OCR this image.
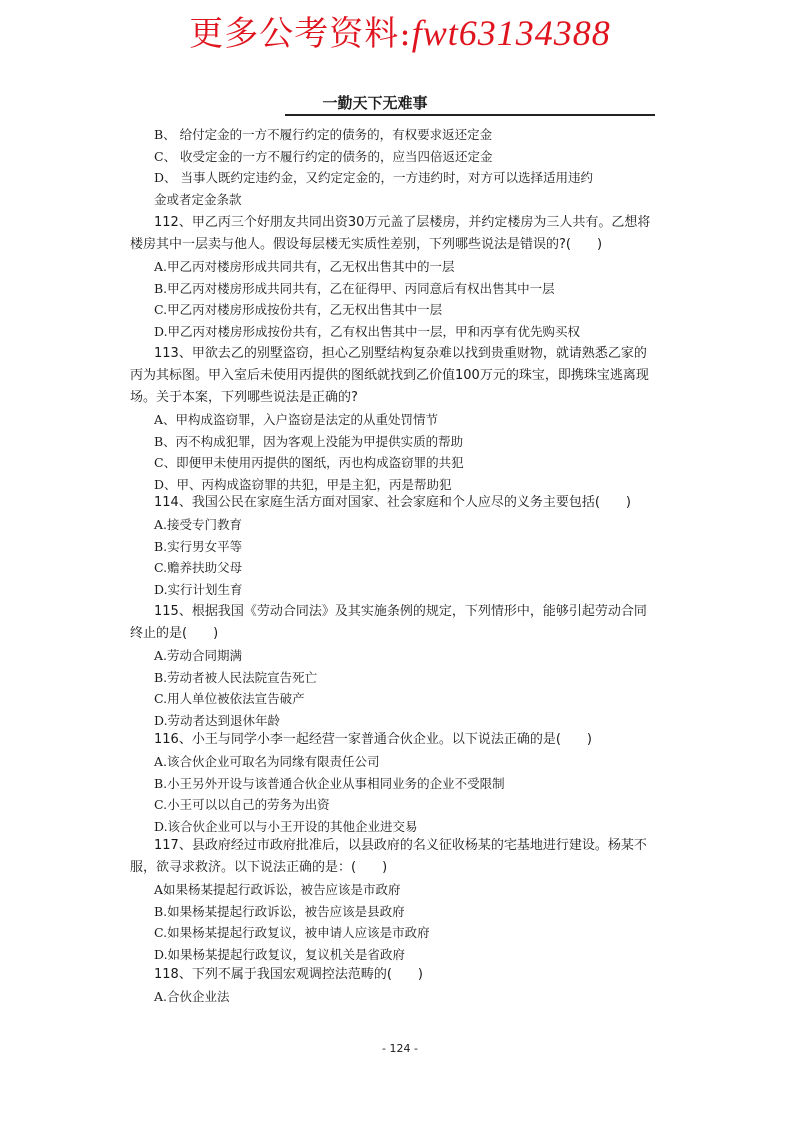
更多公考资料:fwt63134388
一勤天下无难事

B、 给付定金的一方不履行约定的债务的，有权要求返还定金

C、 收受定金的一方不履行约定的债务的，应当四倍返还定金

D、 当事人既约定违约金，又约定定金的，一方违约时，对方可以选择适用违约

金或者定金条款

112、甲乙丙三个好朋友共同出资30万元盖了层楼房，并约定楼房为三人共有。乙想将楼房其中一层卖与他人。假设每层楼无实质性差别，下列哪些说法是错误的?(　　)

A.甲乙丙对楼房形成共同共有，乙无权出售其中的一层

B.甲乙丙对楼房形成共同共有，乙在征得甲、丙同意后有权出售其中一层

C.甲乙丙对楼房形成按份共有，乙无权出售其中一层

D.甲乙丙对楼房形成按份共有，乙有权出售其中一层，甲和丙享有优先购买权

113、甲欲去乙的别墅盗窃，担心乙别墅结构复杂难以找到贵重财物，就请熟悉乙家的丙为其标图。甲入室后未使用丙提供的图纸就找到乙价值100万元的珠宝，即携珠宝逃离现场。关于本案，下列哪些说法是正确的?

A、甲构成盗窃罪，入户盗窃是法定的从重处罚情节

B、丙不构成犯罪，因为客观上没能为甲提供实质的帮助

C、即便甲未使用丙提供的图纸，丙也构成盗窃罪的共犯

D、甲、丙构成盗窃罪的共犯，甲是主犯，丙是帮助犯

114、我国公民在家庭生活方面对国家、社会家庭和个人应尽的义务主要包括(　　)

A.接受专门教育

B.实行男女平等

C.赡养扶助父母

D.实行计划生育

115、根据我国《劳动合同法》及其实施条例的规定，下列情形中，能够引起劳动合同终止的是(　　)

A.劳动合同期满

B.劳动者被人民法院宣告死亡

C.用人单位被依法宣告破产

D.劳动者达到退休年龄

116、小王与同学小李一起经营一家普通合伙企业。以下说法正确的是(　　)

A.该合伙企业可取名为同缘有限责任公司

B.小王另外开设与该普通合伙企业从事相同业务的企业不受限制

C.小王可以以自己的劳务为出资

D.该合伙企业可以与小王开设的其他企业进交易

117、县政府经过市政府批准后，以县政府的名义征收杨某的宅基地进行建设。杨某不服，欲寻求救济。以下说法正确的是：(　　)

A如果杨某提起行政诉讼，被告应该是市政府

B.如果杨某提起行政诉讼，被告应该是县政府

C.如果杨某提起行政复议，被申请人应该是市政府

D.如果杨某提起行政复议，复议机关是省政府

118、下列不属于我国宏观调控法范畴的(　　)

A.合伙企业法

- 124 -
